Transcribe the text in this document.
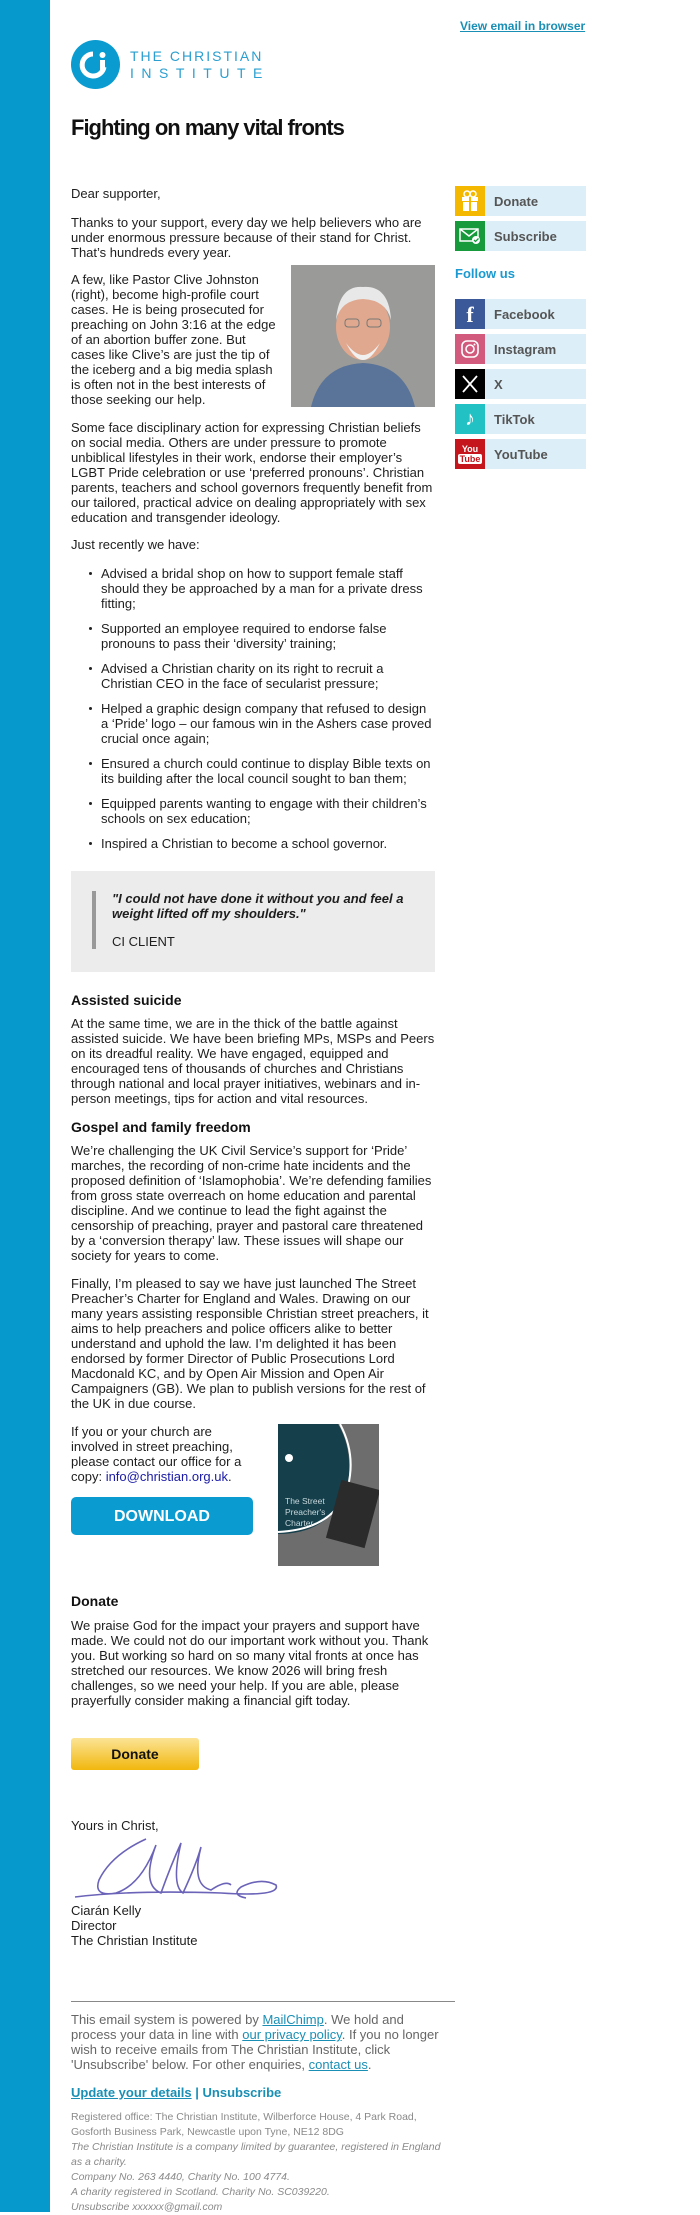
View email in browser
THE CHRISTIAN
INSTITUTE
Fighting on many vital fronts
Donate
Subscribe
Follow us
f	Facebook
Instagram
X
♪	TikTok
You
Tube YouTube

Dear supporter,

Thanks to your support, every day we help believers who are under enormous pressure because of their stand for Christ. That’s hundreds every year.

A few, like Pastor Clive Johnston (right), become high-profile court cases. He is being prosecuted for preaching on John 3:16 at the edge of an abortion buffer zone. But cases like Clive’s are just the tip of the iceberg and a big media splash is often not in the best interests of those seeking our help.

Some face disciplinary action for expressing Christian beliefs on social media. Others are under pressure to promote unbiblical lifestyles in their work, endorse their employer’s LGBT Pride celebration or use ‘preferred pronouns’. Christian parents, teachers and school governors frequently benefit from our tailored, practical advice on dealing appropriately with sex education and transgender ideology.

Just recently we have:

Advised a bridal shop on how to support female staff should they be approached by a man for a private dress fitting;
Supported an employee required to endorse false pronouns to pass their ‘diversity’ training;
Advised a Christian charity on its right to recruit a Christian CEO in the face of secularist pressure;
Helped a graphic design company that refused to design a ‘Pride’ logo – our famous win in the Ashers case proved crucial once again;
Ensured a church could continue to display Bible texts on its building after the local council sought to ban them;
Equipped parents wanting to engage with their children’s schools on sex education;
Inspired a Christian to become a school governor.
"I could not have done it without you and feel a weight lifted off my shoulders."
CI CLIENT
Assisted suicide

At the same time, we are in the thick of the battle against assisted suicide. We have been briefing MPs, MSPs and Peers on its dreadful reality. We have engaged, equipped and encouraged tens of thousands of churches and Christians through national and local prayer initiatives, webinars and in-person meetings, tips for action and vital resources.

Gospel and family freedom

We’re challenging the UK Civil Service’s support for ‘Pride’ marches, the recording of non-crime hate incidents and the proposed definition of ‘Islamophobia’. We’re defending families from gross state overreach on home education and parental discipline. And we continue to lead the fight against the censorship of preaching, prayer and pastoral care threatened by a ‘conversion therapy’ law. These issues will shape our society for years to come.

Finally, I’m pleased to say we have just launched The Street Preacher’s Charter for England and Wales. Drawing on our many years assisting responsible Christian street preachers, it aims to help preachers and police officers alike to better understand and uphold the law. I’m delighted it has been endorsed by former Director of Public Prosecutions Lord Macdonald KC, and by Open Air Mission and Open Air Campaigners (GB). We plan to publish versions for the rest of the UK in due course.

If you or your church are involved in street preaching, please contact our office for a copy: info@christian.org.uk.

DOWNLOAD
The Street Preacher's Charter
Donate

We praise God for the impact your prayers and support have made. We could not do our important work without you. Thank you. But working so hard on so many vital fronts at once has stretched our resources. We know 2026 will bring fresh challenges, so we need your help. If you are able, please prayerfully consider making a financial gift today.

Donate

Yours in Christ,

Ciarán Kelly

Director

The Christian Institute

This email system is powered by MailChimp. We hold and process your data in line with our privacy policy. If you no longer wish to receive emails from The Christian Institute, click 'Unsubscribe' below. For other enquiries, contact us.

Update your details | Unsubscribe

Registered office: The Christian Institute, Wilberforce House, 4 Park Road, Gosforth Business Park, Newcastle upon Tyne, NE12 8DG

The Christian Institute is a company limited by guarantee, registered in England as a charity.

Company No. 263 4440, Charity No. 100 4774.

A charity registered in Scotland. Charity No. SC039220.

Unsubscribe xxxxxx@gmail.com
